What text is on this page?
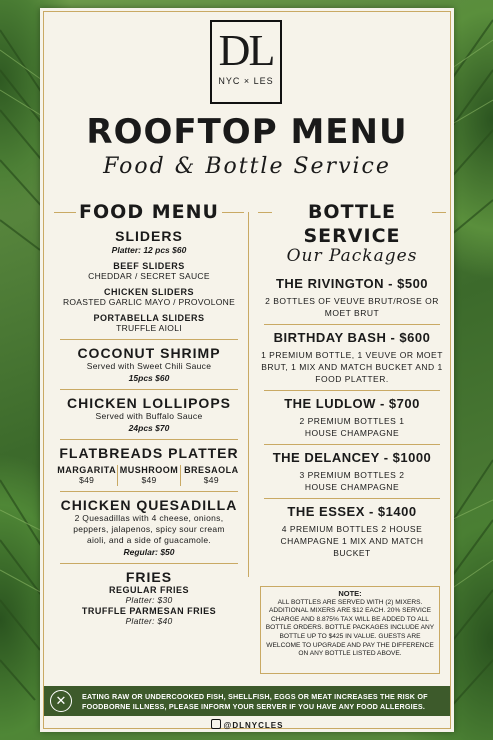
DL
NYC × LES
ROOFTOP MENU
Food & Bottle Service
FOOD MENU
SLIDERS
Platter: 12 pcs $60
BEEF SLIDERS
CHEDDAR / SECRET SAUCE
CHICKEN SLIDERS
ROASTED GARLIC MAYO / PROVOLONE
PORTABELLA SLIDERS
TRUFFLE AIOLI
COCONUT SHRIMP
Served with Sweet Chili Sauce
15pcs $60
CHICKEN LOLLIPOPS
Served with Buffalo Sauce
24pcs $70
FLATBREADS PLATTER
MARGARITA
$49
MUSHROOM
$49
BRESAOLA
$49
CHICKEN QUESADILLA
2 Quesadillas with 4 cheese, onions, peppers, jalapenos, spicy sour cream aioli, and a side of guacamole.
Regular: $50
FRIES
REGULAR FRIES
Platter: $30
TRUFFLE PARMESAN FRIES
Platter: $40
BOTTLE SERVICE
Our Packages
THE RIVINGTON - $500
2 BOTTLES OF VEUVE BRUT/ROSE OR MOET BRUT
BIRTHDAY BASH - $600
1 PREMIUM BOTTLE, 1 VEUVE OR MOET BRUT, 1 MIX AND MATCH BUCKET AND 1 FOOD PLATTER.
THE LUDLOW - $700
2 PREMIUM BOTTLES 1 HOUSE CHAMPAGNE
THE DELANCEY - $1000
3 PREMIUM BOTTLES 2 HOUSE CHAMPAGNE
THE ESSEX - $1400
4 PREMIUM BOTTLES 2 HOUSE CHAMPAGNE 1 MIX AND MATCH BUCKET
NOTE:
ALL BOTTLES ARE SERVED WITH (2) MIXERS. ADDITIONAL MIXERS ARE $12 EACH. 20% SERVICE CHARGE AND 8.875% TAX WILL BE ADDED TO ALL BOTTLE ORDERS. BOTTLE PACKAGES INCLUDE ANY BOTTLE UP TO $425 IN VALUE. GUESTS ARE WELCOME TO UPGRADE AND PAY THE DIFFERENCE ON ANY BOTTLE LISTED ABOVE.
✕	EATING RAW OR UNDERCOOKED FISH, SHELLFISH, EGGS OR MEAT INCREASES THE RISK OF FOODBORNE ILLNESS, PLEASE INFORM YOUR SERVER IF YOU HAVE ANY FOOD ALLERGIES.
@DLNYCLES
